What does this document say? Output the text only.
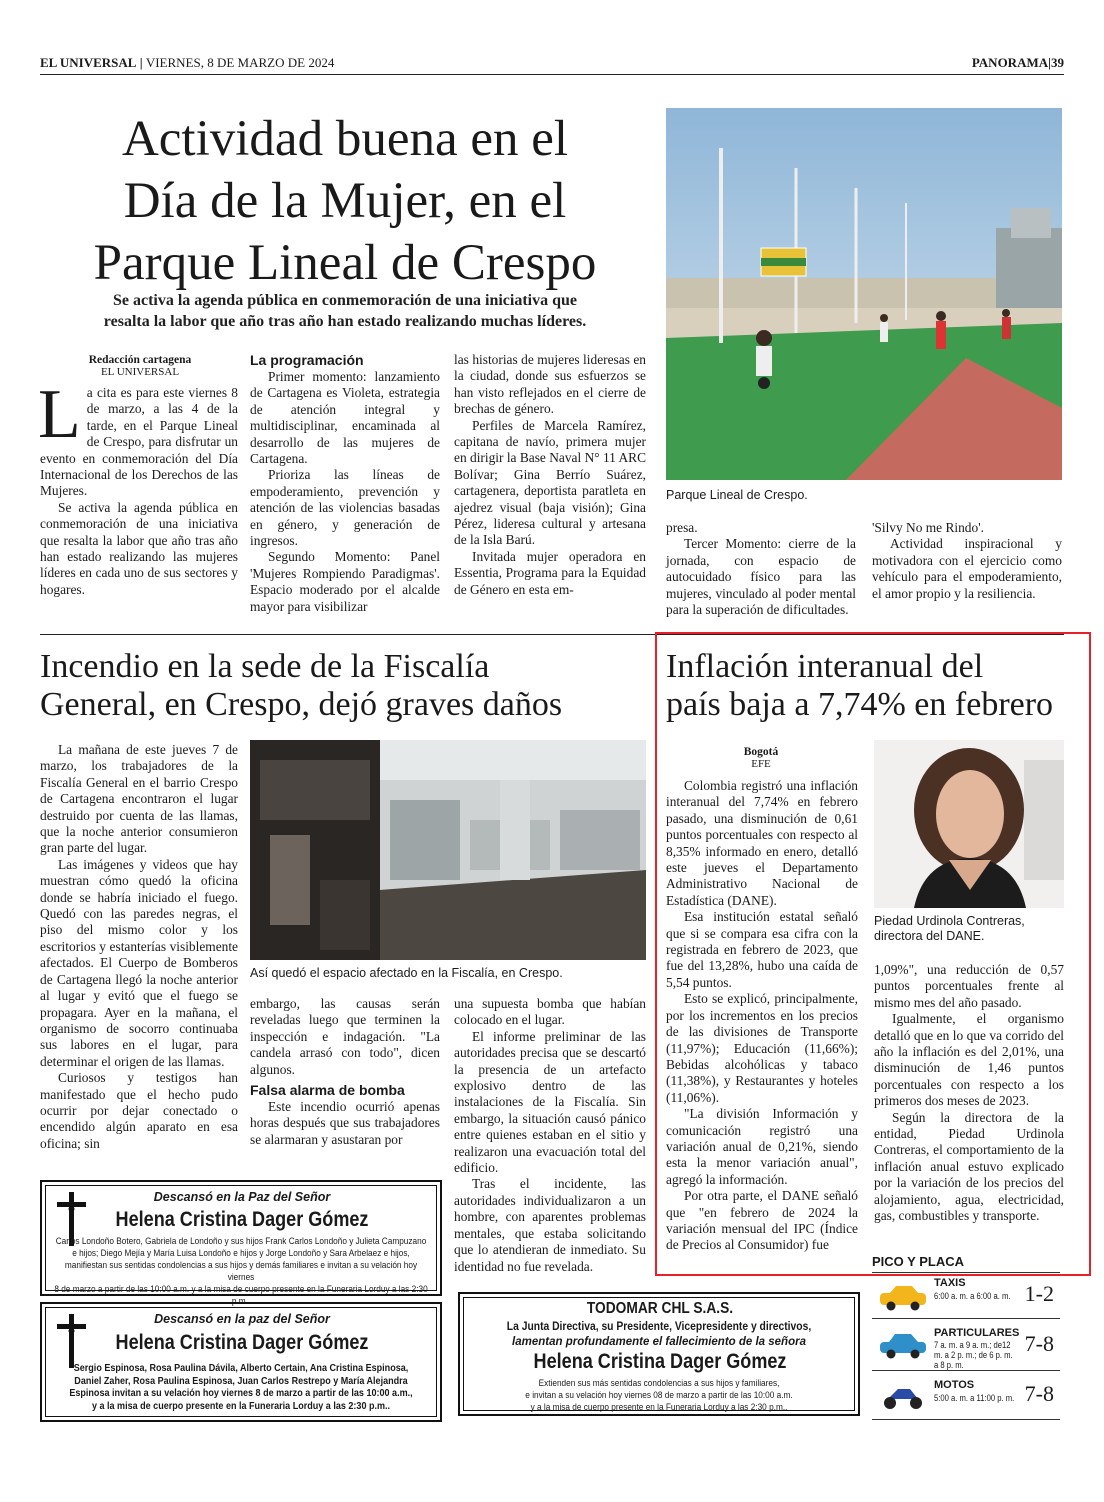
EL UNIVERSAL | VIERNES, 8 DE MARZO DE 2024	PANORAMA|39
Actividad buena en el
Día de la Mujer, en el
Parque Lineal de Crespo
Se activa la agenda pública en conmemoración de una iniciativa que
resalta la labor que año tras año han estado realizando muchas líderes.
Redacción cartagena
EL UNIVERSAL

La cita es para este viernes 8 de marzo, a las 4 de la tarde, en el Parque Lineal de Crespo, para disfrutar un evento en conmemoración del Día Internacional de los Derechos de las Mujeres.

Se activa la agenda pública en conmemoración de una iniciativa que resalta la labor que año tras año han estado realizando las mujeres líderes en cada uno de sus sectores y hogares.

La programación

Primer momento: lanzamiento de Cartagena es Violeta, estrategia de atención integral y multidisciplinar, encaminada al desarrollo de las mujeres de Cartagena.

Prioriza las líneas de empoderamiento, prevención y atención de las violencias basadas en género, y generación de ingresos.

Segundo Momento: Panel 'Mujeres Rompiendo Paradigmas'. Espacio moderado por el alcalde mayor para visibilizar

las historias de mujeres lideresas en la ciudad, donde sus esfuerzos se han visto reflejados en el cierre de brechas de género.

Perfiles de Marcela Ramírez, capitana de navío, primera mujer en dirigir la Base Naval N° 11 ARC Bolívar; Gina Berrío Suárez, cartagenera, deportista paratleta en ajedrez visual (baja visión); Gina Pérez, lideresa cultural y artesana de la Isla Barú.

Invitada mujer operadora en Essentia, Programa para la Equidad de Género en esta em-

Parque Lineal de Crespo.

presa.

Tercer Momento: cierre de la jornada, con espacio de autocuidado físico para las mujeres, vinculado al poder mental para la superación de dificultades.

'Silvy No me Rindo'.

Actividad inspiracional y motivadora con el ejercicio como vehículo para el empoderamiento, el amor propio y la resiliencia.

Incendio en la sede de la Fiscalía
General, en Crespo, dejó graves daños

La mañana de este jueves 7 de marzo, los trabajadores de la Fiscalía General en el barrio Crespo de Cartagena encontraron el lugar destruido por cuenta de las llamas, que la noche anterior consumieron gran parte del lugar.

Las imágenes y videos que hay muestran cómo quedó la oficina donde se habría iniciado el fuego. Quedó con las paredes negras, el piso del mismo color y los escritorios y estanterías visiblemente afectados. El Cuerpo de Bomberos de Cartagena llegó la noche anterior al lugar y evitó que el fuego se propagara. Ayer en la mañana, el organismo de socorro continuaba sus labores en el lugar, para determinar el origen de las llamas.

Curiosos y testigos han manifestado que el hecho pudo ocurrir por dejar conectado o encendido algún aparato en esa oficina; sin

Así quedó el espacio afectado en la Fiscalía, en Crespo.

embargo, las causas serán reveladas luego que terminen la inspección e indagación. "La candela arrasó con todo", dicen algunos.

Falsa alarma de bomba

Este incendio ocurrió apenas horas después que sus trabajadores se alarmaran y asustaran por

una supuesta bomba que habían colocado en el lugar.

El informe preliminar de las autoridades precisa que se descartó la presencia de un artefacto explosivo dentro de las instalaciones de la Fiscalía. Sin embargo, la situación causó pánico entre quienes estaban en el sitio y realizaron una evacuación total del edificio.

Tras el incidente, las autoridades individualizaron a un hombre, con aparentes problemas mentales, que estaba solicitando que lo atendieran de inmediato. Su identidad no fue revelada.

Inflación interanual del
país baja a 7,74% en febrero
Bogotá
EFE

Colombia registró una inflación interanual del 7,74% en febrero pasado, una disminución de 0,61 puntos porcentuales con respecto al 8,35% informado en enero, detalló este jueves el Departamento Administrativo Nacional de Estadística (DANE).

Esa institución estatal señaló que si se compara esa cifra con la registrada en febrero de 2023, que fue del 13,28%, hubo una caída de 5,54 puntos.

Esto se explicó, principalmente, por los incrementos en los precios de las divisiones de Transporte (11,97%); Educación (11,66%); Bebidas alcohólicas y tabaco (11,38%), y Restaurantes y hoteles (11,06%).

"La división Información y comunicación registró una variación anual de 0,21%, siendo esta la menor variación anual", agregó la información.

Por otra parte, el DANE señaló que "en febrero de 2024 la variación mensual del IPC (Índice de Precios al Consumidor) fue

Piedad Urdinola Contreras, directora del DANE.

1,09%", una reducción de 0,57 puntos porcentuales frente al mismo mes del año pasado.

Igualmente, el organismo detalló que en lo que va corrido del año la inflación es del 2,01%, una disminución de 1,46 puntos porcentuales con respecto a los primeros dos meses de 2023.

Según la directora de la entidad, Piedad Urdinola Contreras, el comportamiento de la inflación anual estuvo explicado por la variación de los precios del alojamiento, agua, electricidad, gas, combustibles y transporte.

PICO Y PLACA
TAXIS
6:00 a. m. a 6:00 a. m. 1-2
PARTICULARES
7 a. m. a 9 a. m.; de12 m. a 2 p. m.; de 6 p. m. a 8 p. m.
7-8
MOTOS
5:00 a. m. a 11:00 p. m. 7-8
Descansó en la Paz del Señor
Helena Cristina Dager Gómez
Carlos Londoño Botero, Gabriela de Londoño y sus hijos Frank Carlos Londoño y Julieta Campuzano
e hijos; Diego Mejía y María Luisa Londoño e hijos y Jorge Londoño y Sara Arbelaez e hijos,
manifiestan sus sentidas condolencias a sus hijos y demás familiares e invitan a su velación hoy viernes
8 de marzo a partir de las 10:00 a.m. y a la misa de cuerpo presente en la Funeraria Lorduy a las 2:30 p.m..
Descansó en la paz del Señor
Helena Cristina Dager Gómez
Sergio Espinosa, Rosa Paulina Dávila, Alberto Certain, Ana Cristina Espinosa,
Daniel Zaher, Rosa Paulina Espinosa, Juan Carlos Restrepo y María Alejandra
Espinosa invitan a su velación hoy viernes 8 de marzo a partir de las 10:00 a.m.,
y a la misa de cuerpo presente en la Funeraria Lorduy a las 2:30 p.m..
TODOMAR CHL S.A.S.
La Junta Directiva, su Presidente, Vicepresidente y directivos,
lamentan profundamente el fallecimiento de la señora
Helena Cristina Dager Gómez
Extienden sus más sentidas condolencias a sus hijos y familiares,
e invitan a su velación hoy viernes 08 de marzo a partir de las 10:00 a.m.
y a la misa de cuerpo presente en la Funeraria Lorduy a las 2:30 p.m..
